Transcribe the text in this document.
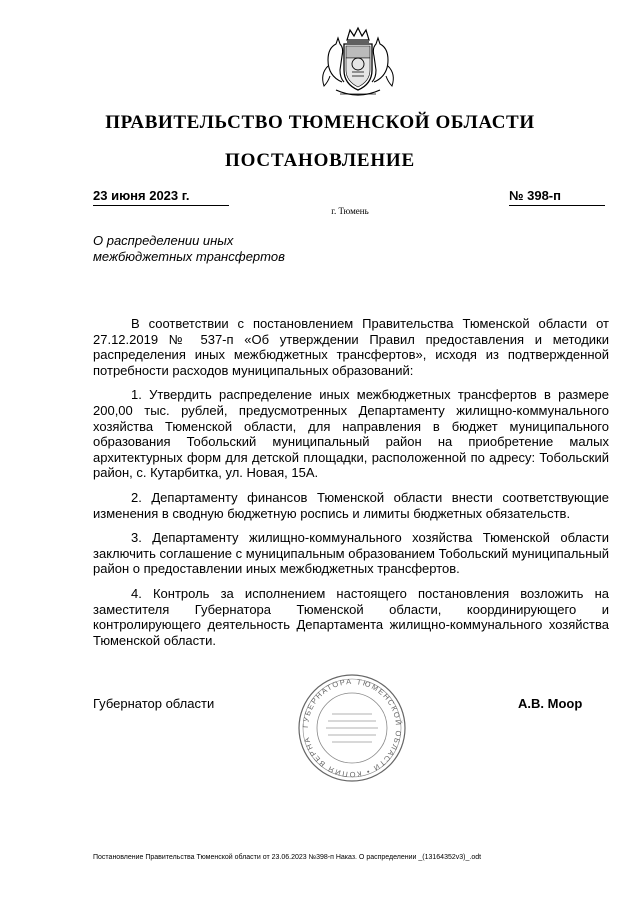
ПРАВИТЕЛЬСТВО ТЮМЕНСКОЙ ОБЛАСТИ
ПОСТАНОВЛЕНИЕ
23 июня 2023 г.	№ 398-п
г. Тюмень
О распределении иных
межбюджетных трансфертов

В соответствии с постановлением Правительства Тюменской области от 27.12.2019 № 537-п «Об утверждении Правил предоставления и методики распределения иных межбюджетных трансфертов», исходя из подтвержденной потребности расходов муниципальных образований:

1. Утвердить распределение иных межбюджетных трансфертов в размере 200,00 тыс. рублей, предусмотренных Департаменту жилищно-коммунального хозяйства Тюменской области, для направления в бюджет муниципального образования Тобольский муниципальный район на приобретение малых архитектурных форм для детской площадки, расположенной по адресу: Тобольский район, с. Кутарбитка, ул. Новая, 15А.

2. Департаменту финансов Тюменской области внести соответствующие изменения в сводную бюджетную роспись и лимиты бюджетных обязательств.

3. Департаменту жилищно-коммунального хозяйства Тюменской области заключить соглашение с муниципальным образованием Тобольский муниципальный район о предоставлении иных межбюджетных трансфертов.

4. Контроль за исполнением настоящего постановления возложить на заместителя Губернатора Тюменской области, координирующего и контролирующего деятельность Департамента жилищно-коммунального хозяйства Тюменской области.

Губернатор области
ГУБЕРНАТОРА ТЮМЕНСКОЙ ОБЛАСТИ • КОПИЯ ВЕРНА
А.В. Моор
Постановление Правительства Тюменской области от 23.06.2023 №398-п Наказ. О распределении _(13164352v3)_.odt
